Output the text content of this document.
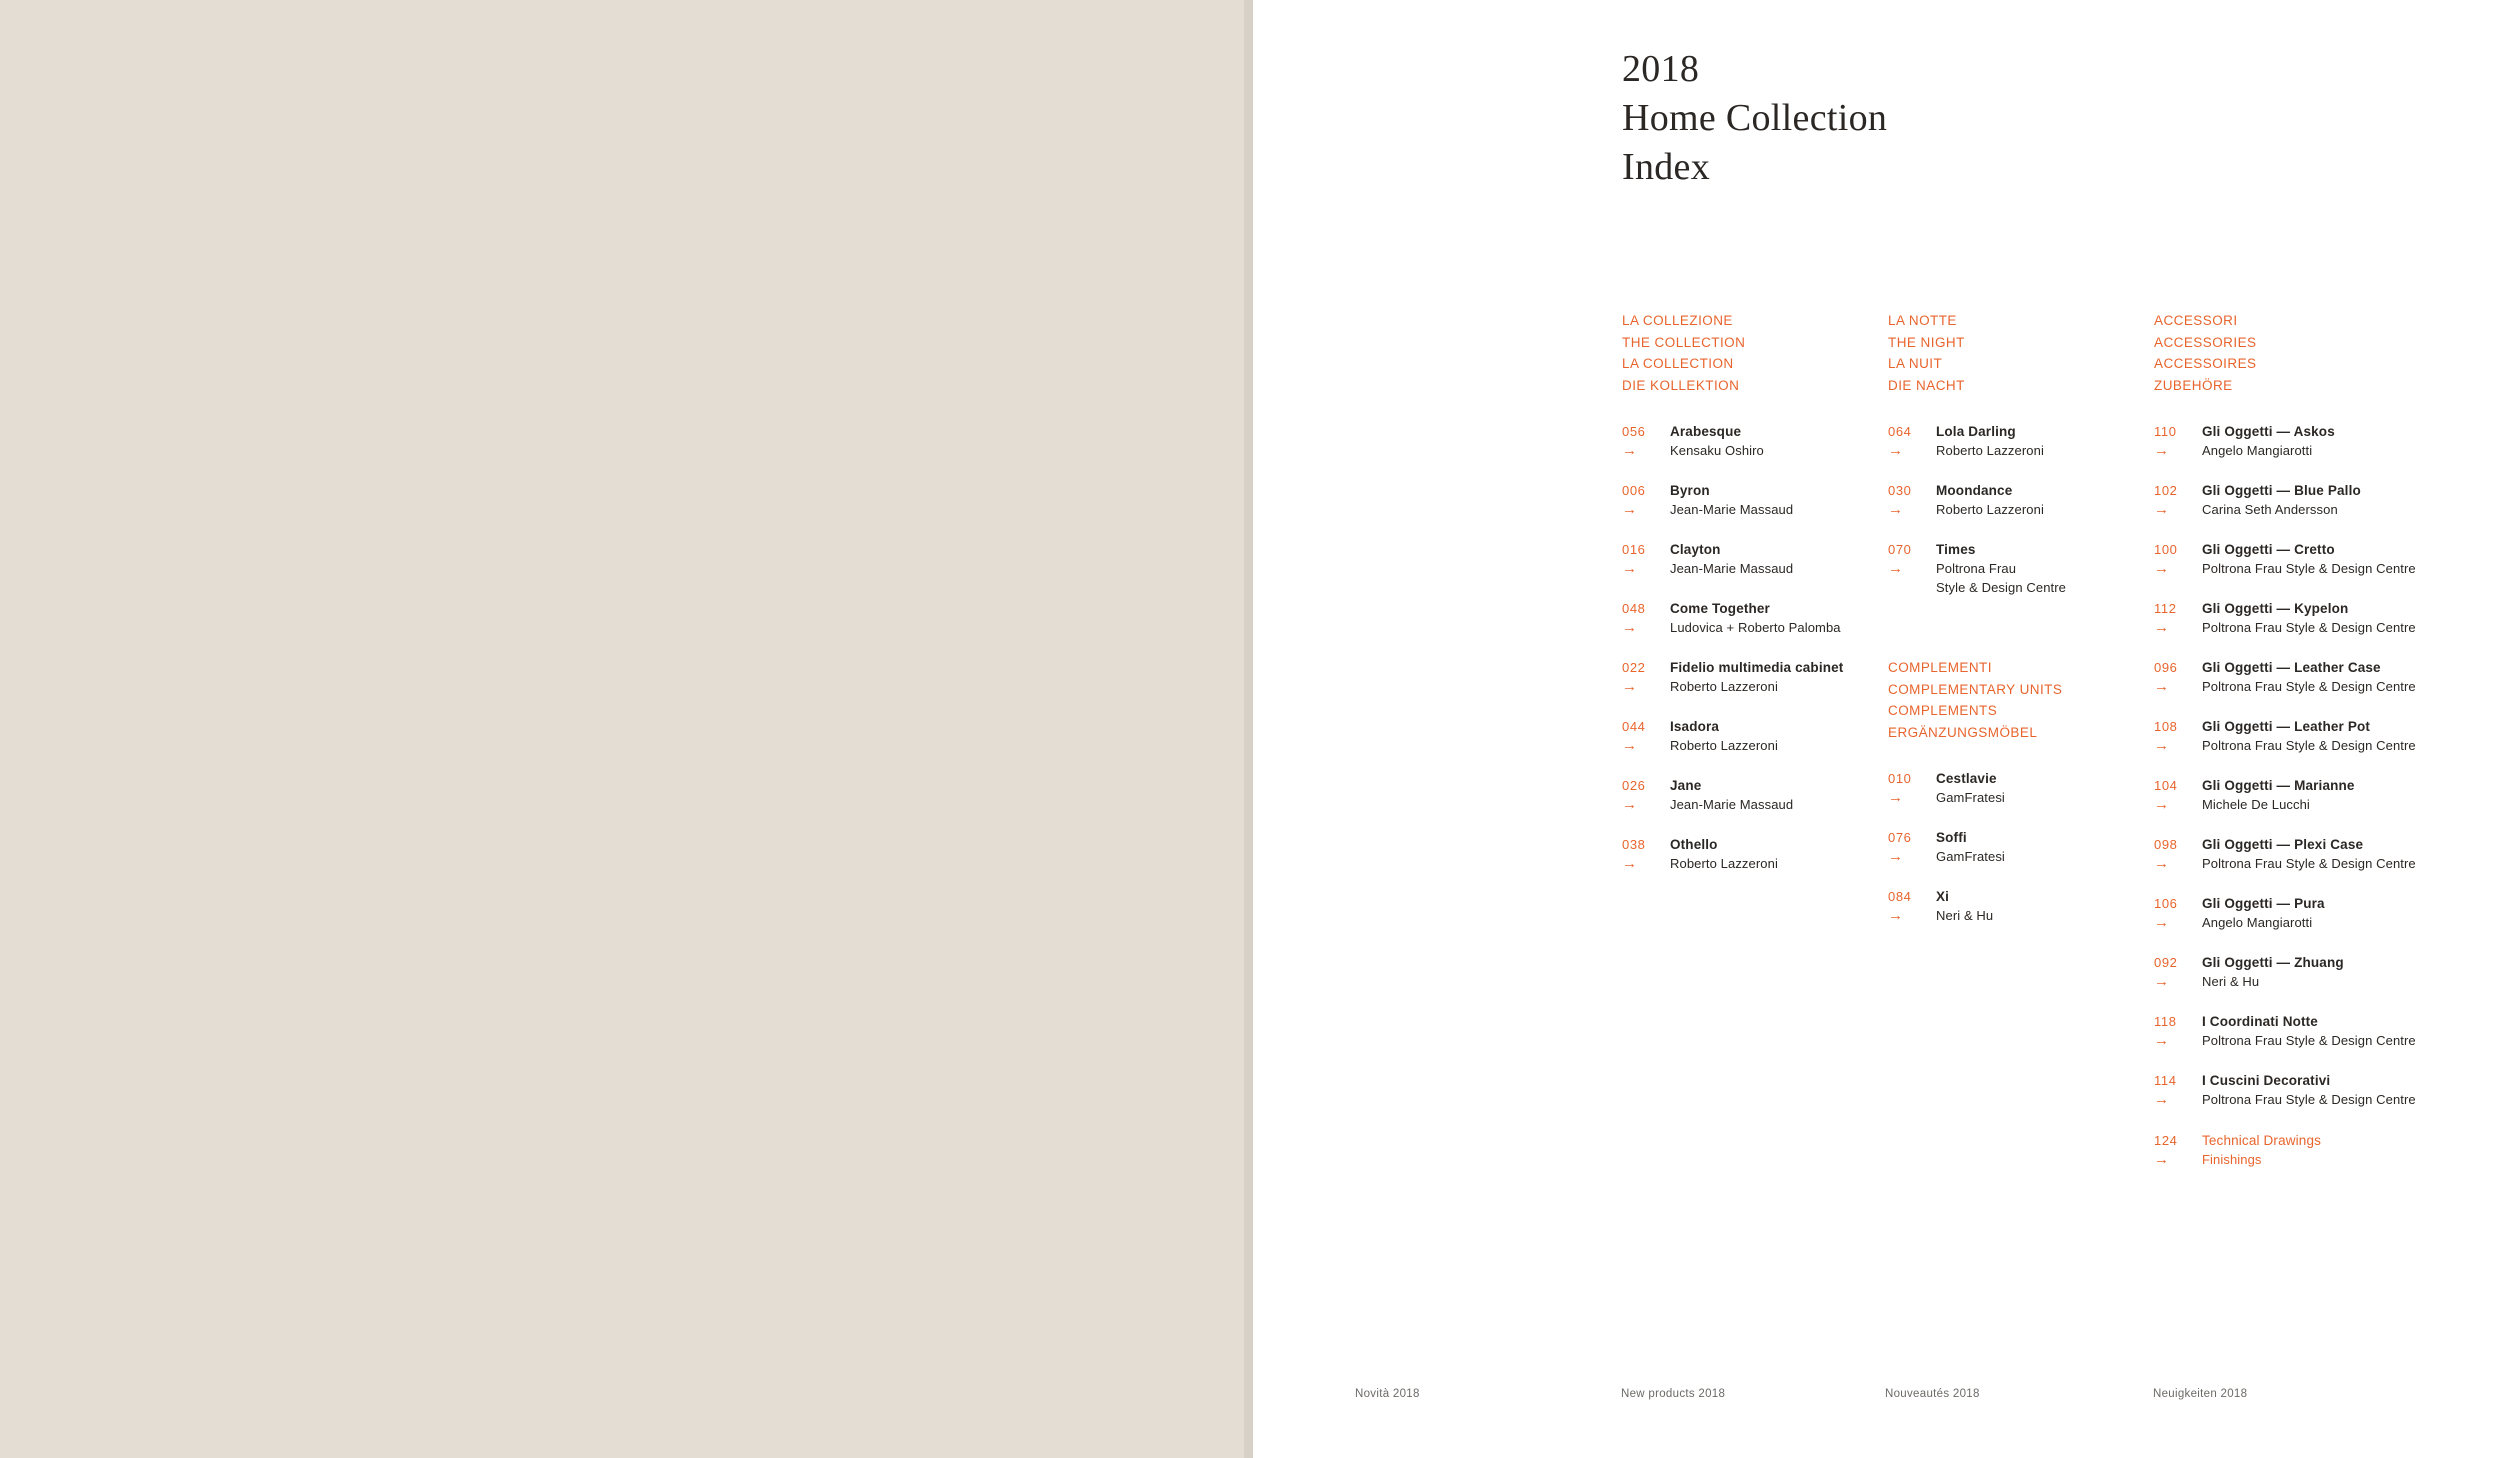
2018
Home Collection
Index
LA COLLEZIONE
THE COLLECTION
LA COLLECTION
DIE KOLLEKTION
056
→
Arabesque
Kensaku Oshiro
006
→
Byron
Jean-Marie Massaud
016
→
Clayton
Jean-Marie Massaud
048
→
Come Together
Ludovica + Roberto Palomba
022
→
Fidelio multimedia cabinet
Roberto Lazzeroni
044
→
Isadora
Roberto Lazzeroni
026
→
Jane
Jean-Marie Massaud
038
→
Othello
Roberto Lazzeroni
LA NOTTE
THE NIGHT
LA NUIT
DIE NACHT
064
→
Lola Darling
Roberto Lazzeroni
030
→
Moondance
Roberto Lazzeroni
070
→
Times
Poltrona Frau
Style & Design Centre
COMPLEMENTI
COMPLEMENTARY UNITS
COMPLEMENTS
ERGÄNZUNGSMÖBEL
010
→
Cestlavie
GamFratesi
076
→
Soffi
GamFratesi
084
→
Xi
Neri & Hu
ACCESSORI
ACCESSORIES
ACCESSOIRES
ZUBEHÖRE
110
→
Gli Oggetti — Askos
Angelo Mangiarotti
102
→
Gli Oggetti — Blue Pallo
Carina Seth Andersson
100
→
Gli Oggetti — Cretto
Poltrona Frau Style & Design Centre
112
→
Gli Oggetti — Kypelon
Poltrona Frau Style & Design Centre
096
→
Gli Oggetti — Leather Case
Poltrona Frau Style & Design Centre
108
→
Gli Oggetti — Leather Pot
Poltrona Frau Style & Design Centre
104
→
Gli Oggetti — Marianne
Michele De Lucchi
098
→
Gli Oggetti — Plexi Case
Poltrona Frau Style & Design Centre
106
→
Gli Oggetti — Pura
Angelo Mangiarotti
092
→
Gli Oggetti — Zhuang
Neri & Hu
118
→
I Coordinati Notte
Poltrona Frau Style & Design Centre
114
→
I Cuscini Decorativi
Poltrona Frau Style & Design Centre
124
→
Technical Drawings
Finishings
Novità 2018	New products 2018	Nouveautés 2018	Neuigkeiten 2018
